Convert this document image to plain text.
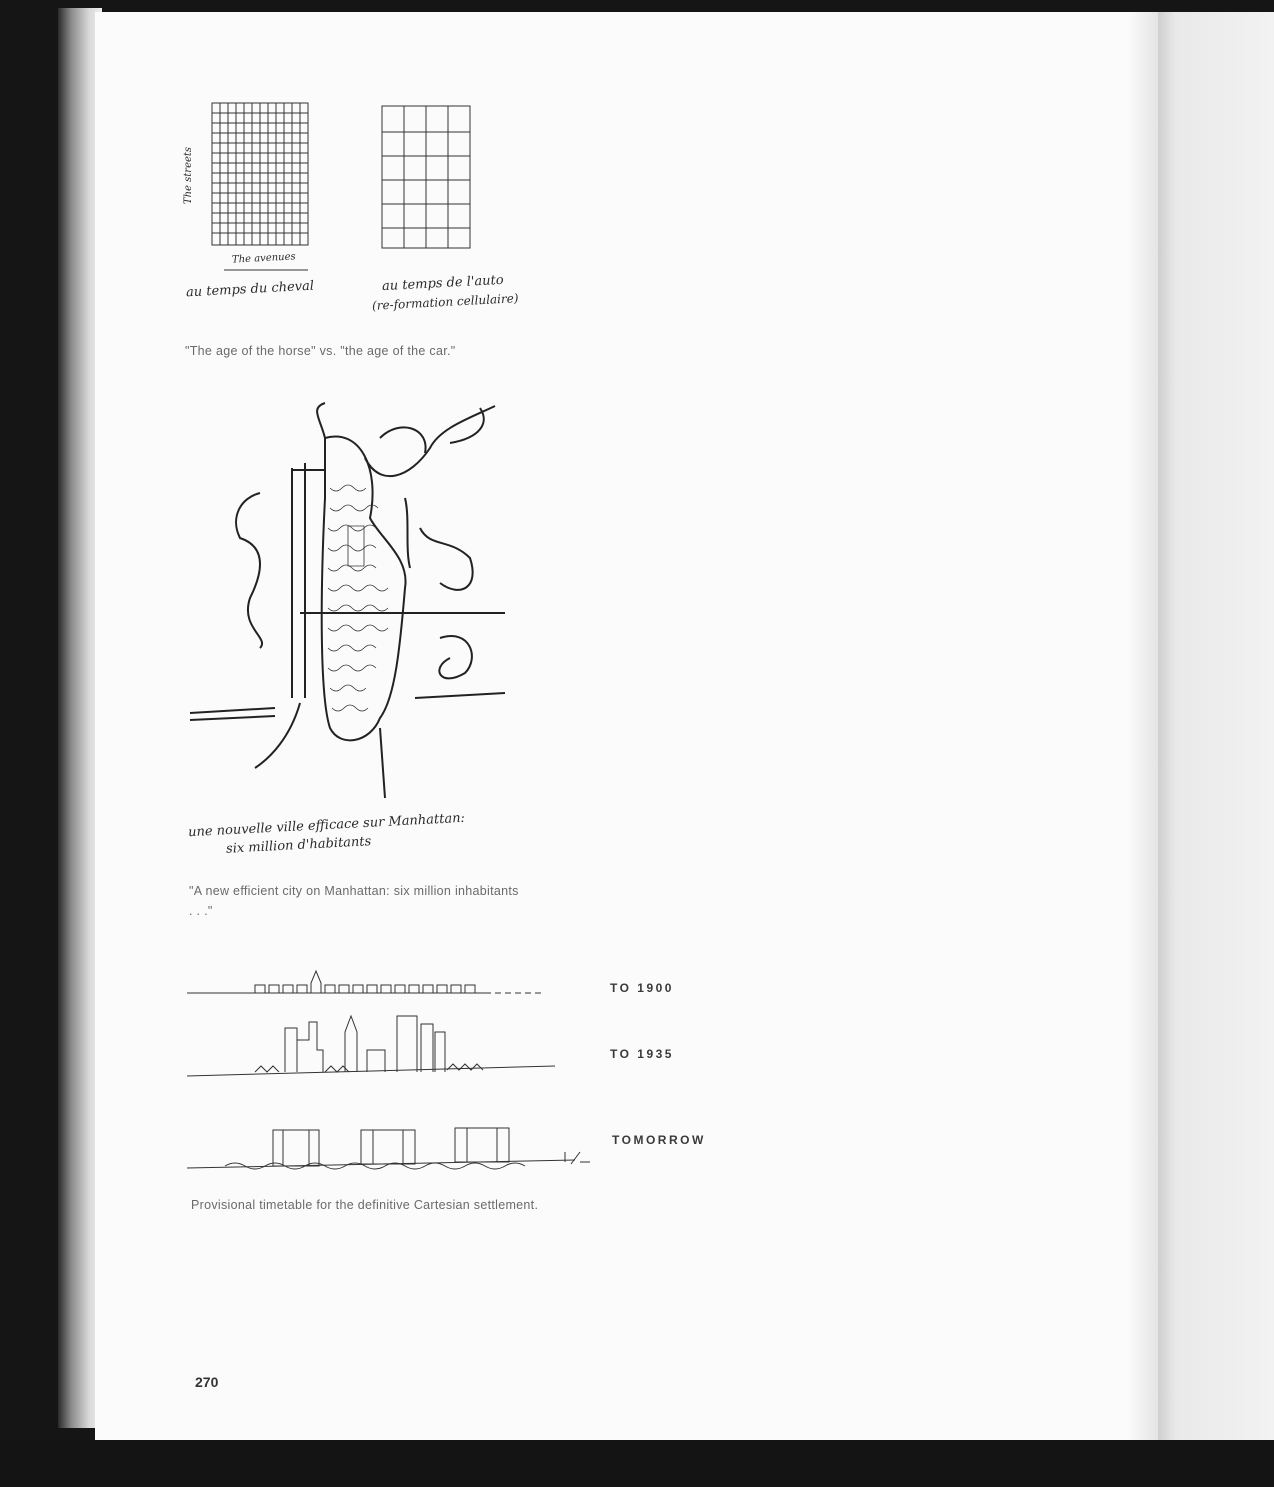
The streets
The avenues
au temps du cheval	au temps de l'auto
(re-formation cellulaire)
"The age of the horse" vs. "the age of the car."
une nouvelle ville efficace sur Manhattan:
six million d'habitants
"A new efficient city on Manhattan: six million inhabitants . . ."
TO 1900
TO 1935
TOMORROW
Provisional timetable for the definitive Cartesian settlement.
270
